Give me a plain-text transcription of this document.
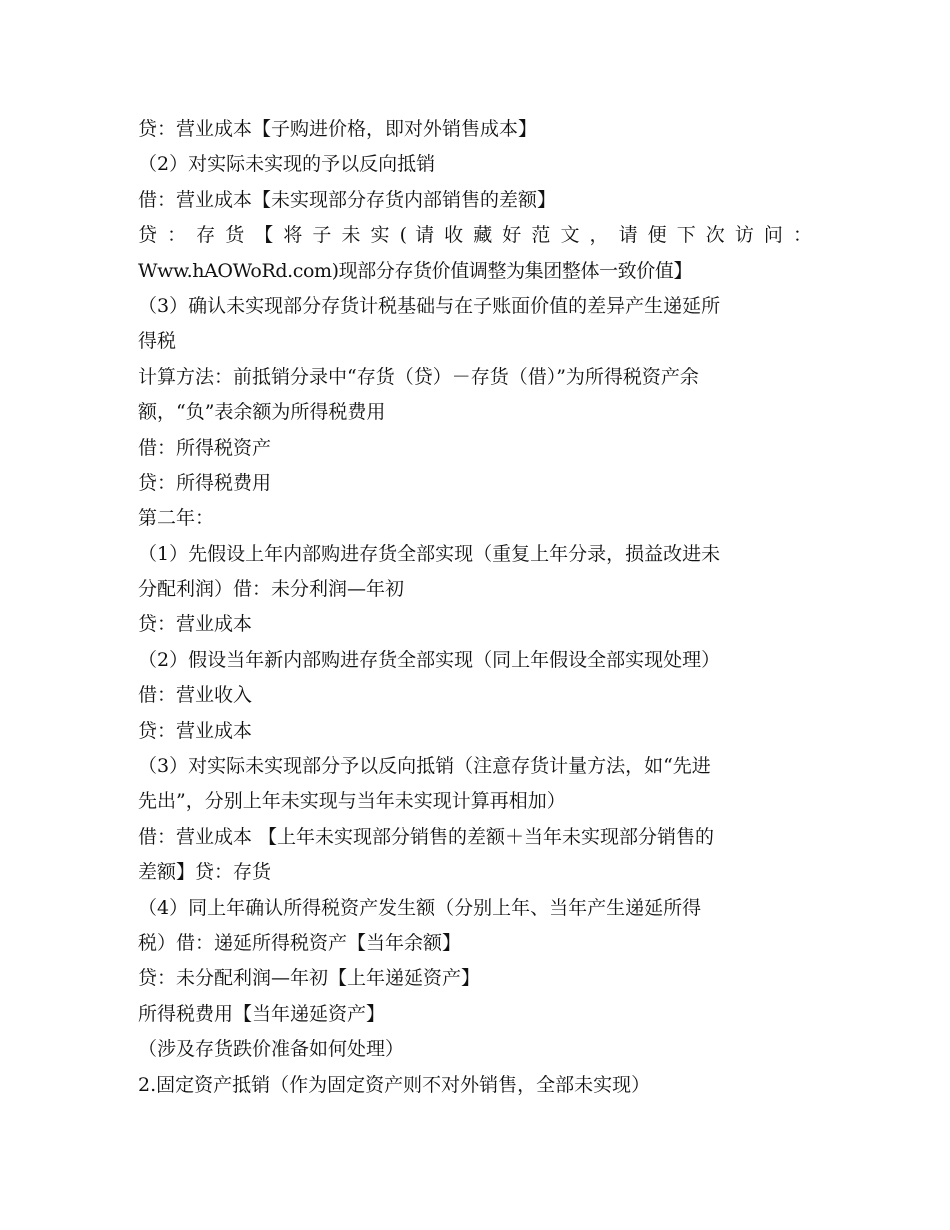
贷：营业成本【子购进价格，即对外销售成本】
（2）对实际未实现的予以反向抵销
借：营业成本【未实现部分存货内部销售的差额】
贷 ： 存 货 【 将 子 未 实 ( 请 收 藏 好 范 文 ， 请 便 下 次 访 问 ：
Www.hAOWoRd.com)现部分存货价值调整为集团整体一致价值】
（3）确认未实现部分存货计税基础与在子账面价值的差异产生递延所
得税
计算方法：前抵销分录中“存货（贷）－存货（借）”为所得税资产余
额，“负”表余额为所得税费用
借：所得税资产
贷：所得税费用
第二年：
（1）先假设上年内部购进存货全部实现（重复上年分录，损益改进未
分配利润）借：未分利润—年初
贷：营业成本
（2）假设当年新内部购进存货全部实现（同上年假设全部实现处理）
借：营业收入
贷：营业成本
（3）对实际未实现部分予以反向抵销（注意存货计量方法，如“先进
先出”，分别上年未实现与当年未实现计算再相加）
借：营业成本 【上年未实现部分销售的差额＋当年未实现部分销售的
差额】贷：存货
（4）同上年确认所得税资产发生额（分别上年、当年产生递延所得
税）借：递延所得税资产【当年余额】
贷：未分配利润—年初【上年递延资产】
所得税费用【当年递延资产】
（涉及存货跌价准备如何处理）
2.固定资产抵销（作为固定资产则不对外销售，全部未实现）
